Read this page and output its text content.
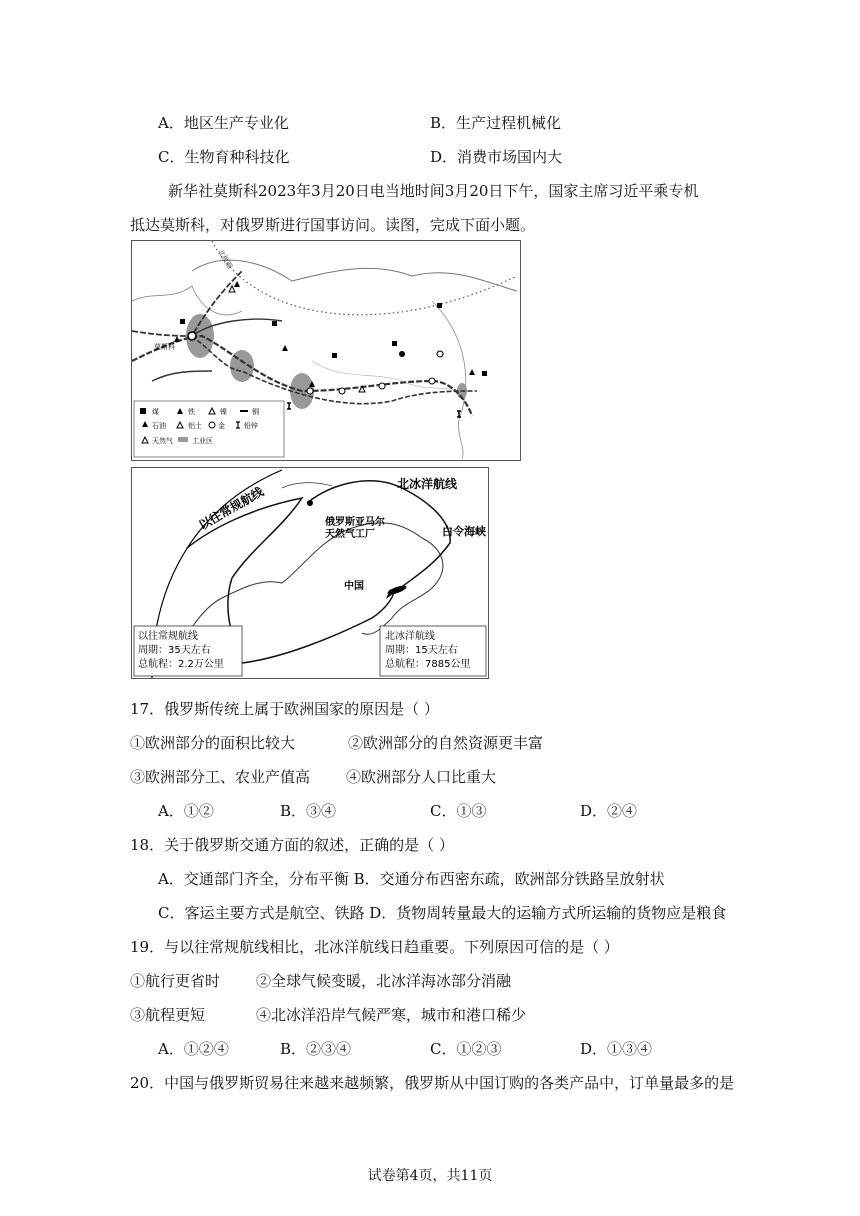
A．地区生产专业化	B．生产过程机械化
C．生物育种科技化	D．消费市场国内大
新华社莫斯科2023年3月20日电当地时间3月20日下午，国家主席习近平乘专机
抵达莫斯科，对俄罗斯进行国事访问。读图，完成下面小题。
北极圈
莫斯科
煤	铁	镍	铜
石油	铝土 金	铅锌
天然气	工业区
以往常规航线
北冰洋航线
俄罗斯亚马尔
天然气工厂	白令海峡
中国
以往常规航线
周期：35天左右
总航程：2.2万公里
北冰洋航线
周期：15天左右
总航程：7885公里
17．俄罗斯传统上属于欧洲国家的原因是（ ）
①欧洲部分的面积比较大	②欧洲部分的自然资源更丰富
③欧洲部分工、农业产值高 ④欧洲部分人口比重大
A．①②	B．③④	C．①③	D．②④
18．关于俄罗斯交通方面的叙述，正确的是（ ）
A．交通部门齐全，分布平衡 B．交通分布西密东疏，欧洲部分铁路呈放射状
C．客运主要方式是航空、铁路 D．货物周转量最大的运输方式所运输的货物应是粮食
19．与以往常规航线相比，北冰洋航线日趋重要。下列原因可信的是（ ）
①航行更省时 ②全球气候变暖，北冰洋海冰部分消融
③航程更短	④北冰洋沿岸气候严寒，城市和港口稀少
A．①②④	B．②③④	C．①②③	D．①③④
20．中国与俄罗斯贸易往来越来越频繁，俄罗斯从中国订购的各类产品中，订单量最多的是
试卷第4页，共11页
